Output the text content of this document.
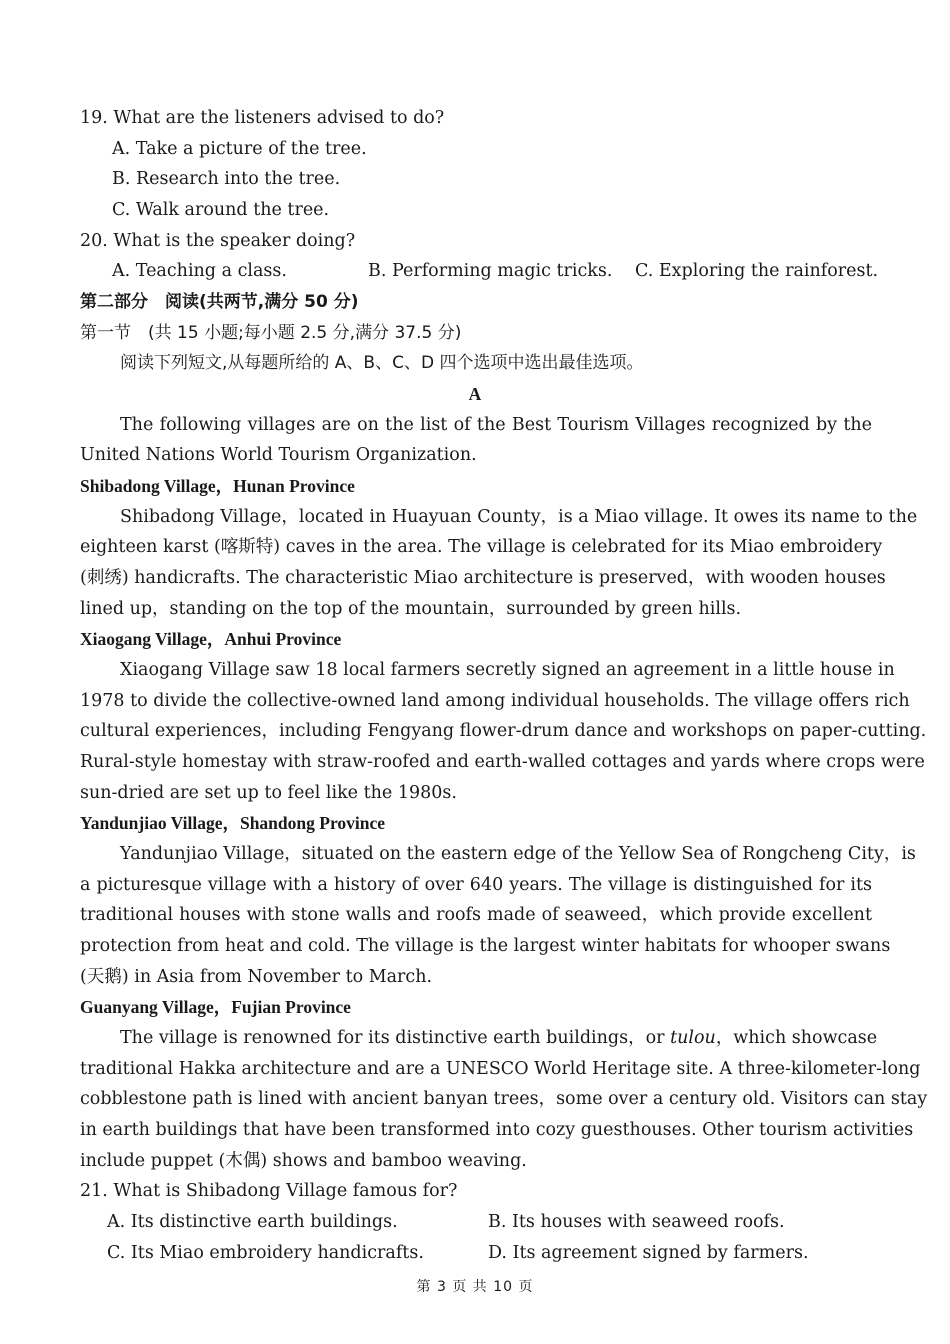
19. What are the listeners advised to do?
A. Take a picture of the tree.
B. Research into the tree.
C. Walk around the tree.
20. What is the speaker doing?
A. Teaching a class.	B. Performing magic tricks. C. Exploring the rainforest.
第二部分　阅读(共两节,满分 50 分)
第一节　(共 15 小题;每小题 2.5 分,满分 37.5 分)
阅读下列短文,从每题所给的 A、B、C、D 四个选项中选出最佳选项。
A
The following villages are on the list of the Best Tourism Villages recognized by the
United Nations World Tourism Organization.
Shibadong Village，Hunan Province
Shibadong Village，located in Huayuan County，is a Miao village. It owes its name to the
eighteen karst (喀斯特) caves in the area. The village is celebrated for its Miao embroidery
(刺绣) handicrafts. The characteristic Miao architecture is preserved，with wooden houses
lined up，standing on the top of the mountain，surrounded by green hills.
Xiaogang Village，Anhui Province
Xiaogang Village saw 18 local farmers secretly signed an agreement in a little house in
1978 to divide the collective-owned land among individual households. The village offers rich
cultural experiences，including Fengyang flower-drum dance and workshops on paper-cutting.
Rural-style homestay with straw-roofed and earth-walled cottages and yards where crops were
sun-dried are set up to feel like the 1980s.
Yandunjiao Village，Shandong Province
Yandunjiao Village，situated on the eastern edge of the Yellow Sea of Rongcheng City，is
a picturesque village with a history of over 640 years. The village is distinguished for its
traditional houses with stone walls and roofs made of seaweed，which provide excellent
protection from heat and cold. The village is the largest winter habitats for whooper swans
(天鹅) in Asia from November to March.
Guanyang Village，Fujian Province
The village is renowned for its distinctive earth buildings，or tulou，which showcase
traditional Hakka architecture and are a UNESCO World Heritage site. A three-kilometer-long
cobblestone path is lined with ancient banyan trees，some over a century old. Visitors can stay
in earth buildings that have been transformed into cozy guesthouses. Other tourism activities
include puppet (木偶) shows and bamboo weaving.
21. What is Shibadong Village famous for?
A. Its distinctive earth buildings.	B. Its houses with seaweed roofs.
C. Its Miao embroidery handicrafts.	D. Its agreement signed by farmers.
第 3 页 共 10 页
